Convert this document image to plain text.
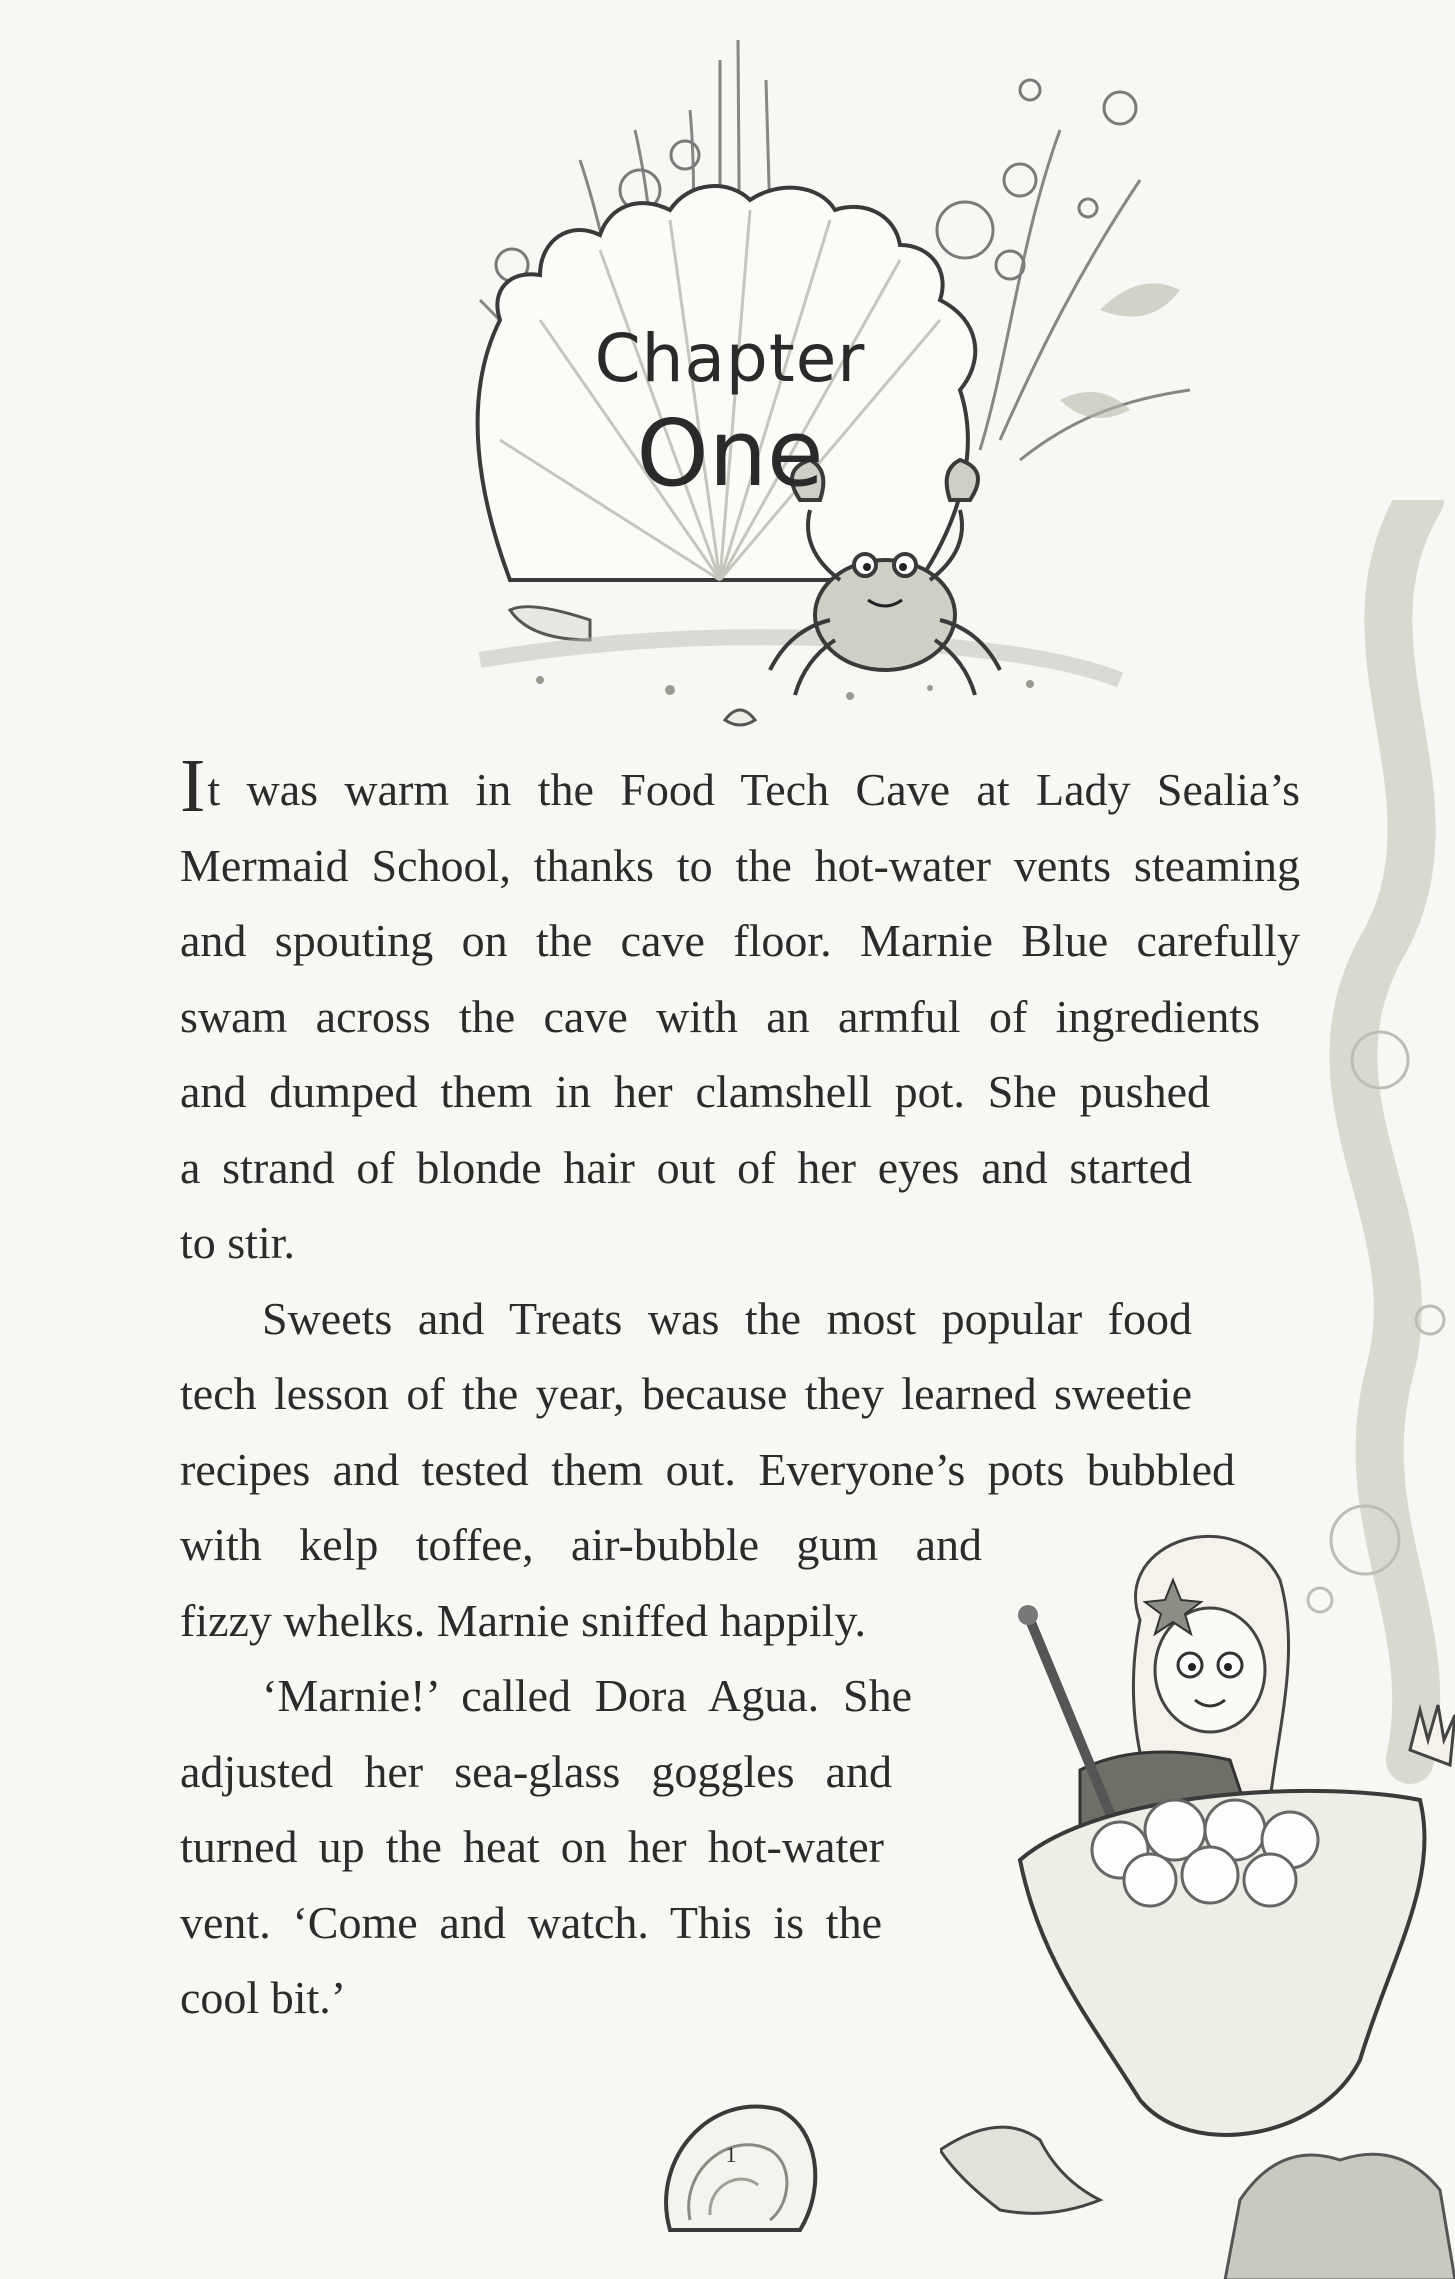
Chapter
One
1
It was warm in the Food Tech Cave at Lady Sealia’s
Mermaid School, thanks to the hot-water vents steaming
and spouting on the cave floor. Marnie Blue carefully
swam across the cave with an armful of ingredients
and dumped them in her clamshell pot. She pushed
a strand of blonde hair out of her eyes and started
to stir.
Sweets and Treats was the most popular food
tech lesson of the year, because they learned sweetie
recipes and tested them out. Everyone’s pots bubbled
with kelp toffee, air-bubble gum and
fizzy whelks. Marnie sniffed happily.
‘Marnie!’ called Dora Agua. She
adjusted her sea-glass goggles and
turned up the heat on her hot-water
vent. ‘Come and watch. This is the
cool bit.’
